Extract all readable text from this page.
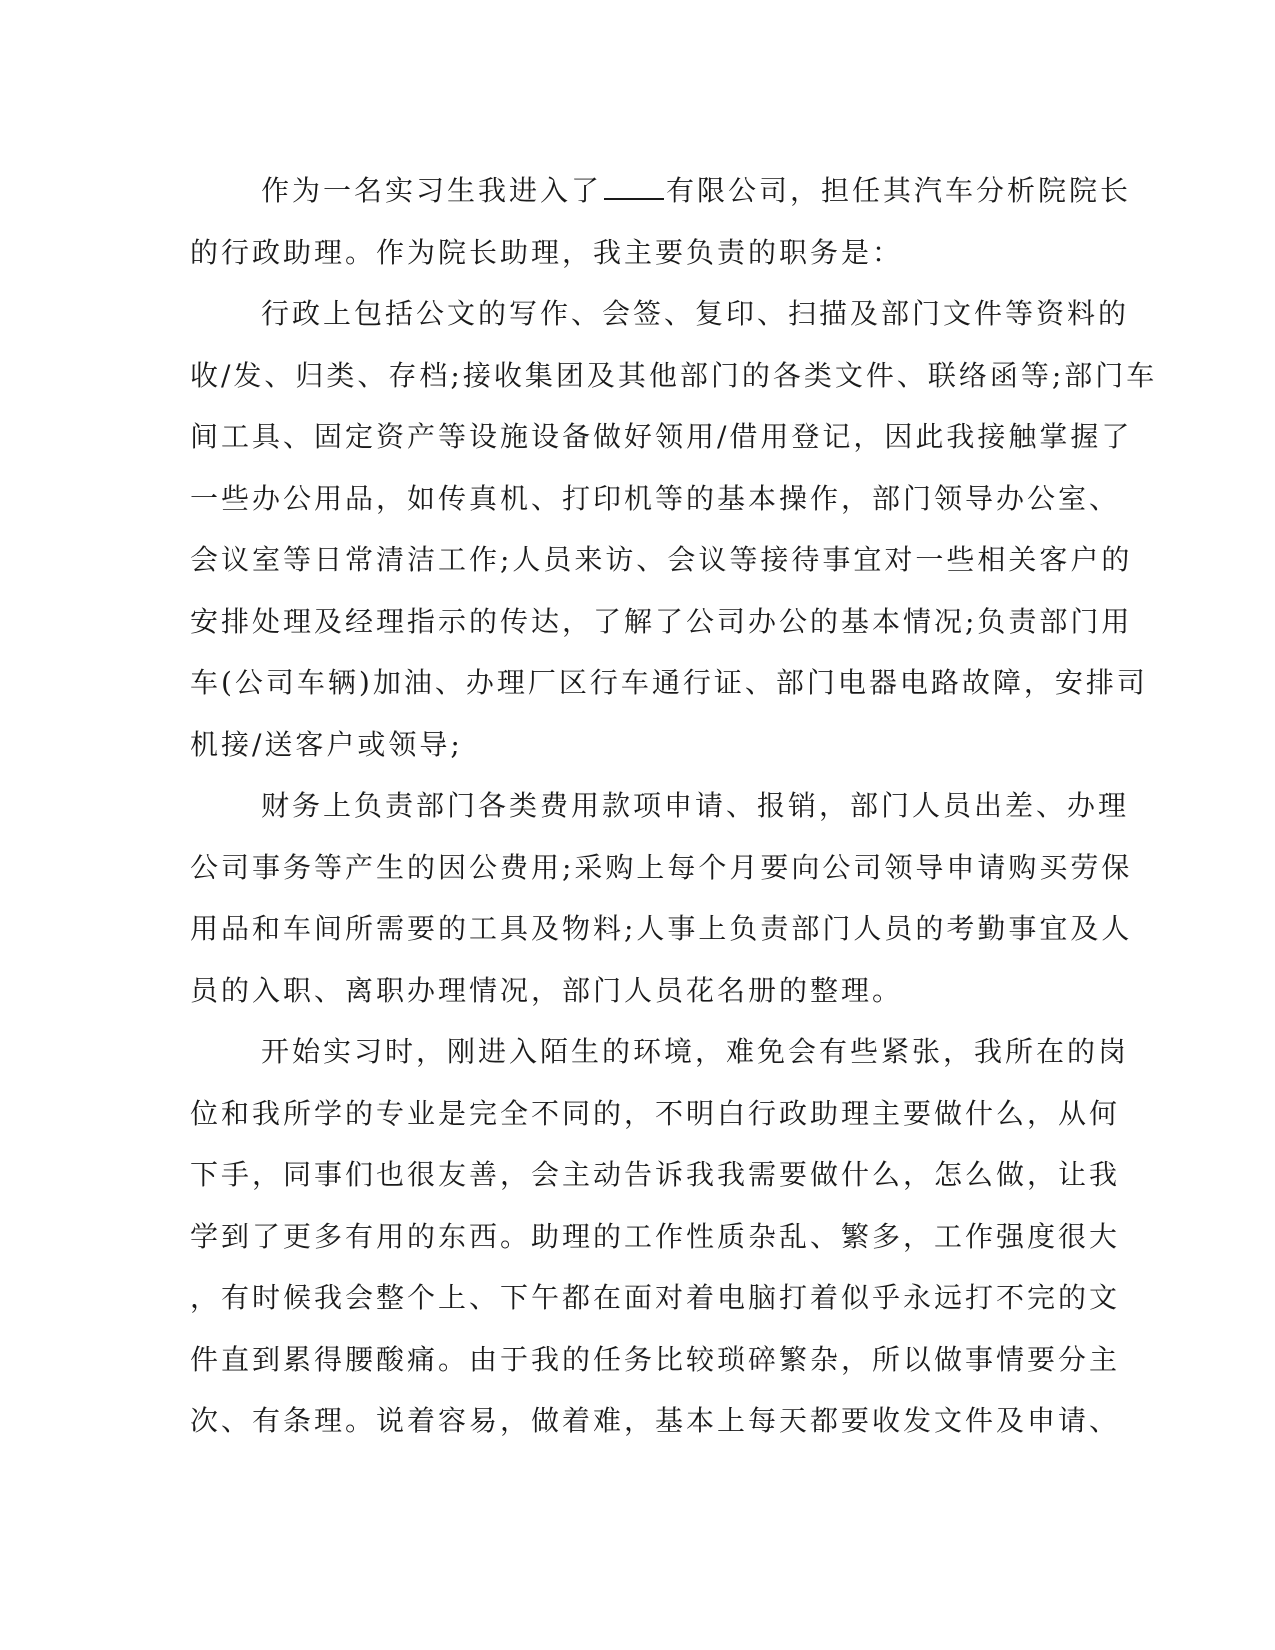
作为一名实习生我进入了 有限公司，担任其汽车分析院院长
的行政助理。作为院长助理，我主要负责的职务是：
行政上包括公文的写作、会签、复印、扫描及部门文件等资料的
收/发、归类、存档;接收集团及其他部门的各类文件、联络函等;部门车
间工具、固定资产等设施设备做好领用/借用登记，因此我接触掌握了
一些办公用品，如传真机、打印机等的基本操作，部门领导办公室、
会议室等日常清洁工作;人员来访、会议等接待事宜对一些相关客户的
安排处理及经理指示的传达，了解了公司办公的基本情况;负责部门用
车(公司车辆)加油、办理厂区行车通行证、部门电器电路故障，安排司
机接/送客户或领导;
财务上负责部门各类费用款项申请、报销，部门人员出差、办理
公司事务等产生的因公费用;采购上每个月要向公司领导申请购买劳保
用品和车间所需要的工具及物料;人事上负责部门人员的考勤事宜及人
员的入职、离职办理情况，部门人员花名册的整理。
开始实习时，刚进入陌生的环境，难免会有些紧张，我所在的岗
位和我所学的专业是完全不同的，不明白行政助理主要做什么，从何
下手，同事们也很友善，会主动告诉我我需要做什么，怎么做，让我
学到了更多有用的东西。助理的工作性质杂乱、繁多，工作强度很大
，有时候我会整个上、下午都在面对着电脑打着似乎永远打不完的文
件直到累得腰酸痛。由于我的任务比较琐碎繁杂，所以做事情要分主
次、有条理。说着容易，做着难，基本上每天都要收发文件及申请、
